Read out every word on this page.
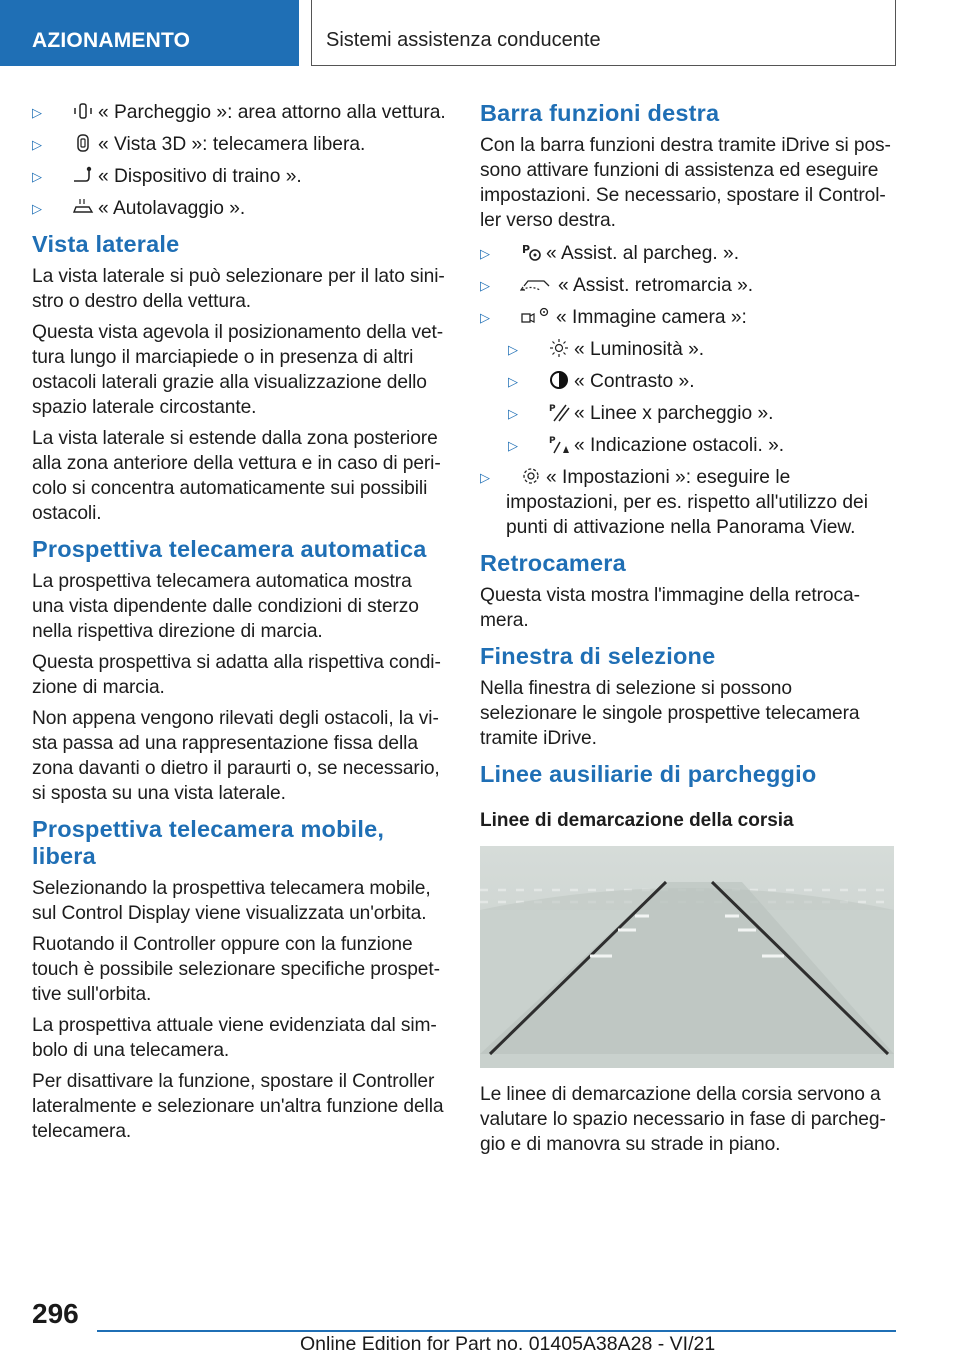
AZIONAMENTO	Sistemi assistenza conducente
▷	« Parcheggio »: area attorno alla vettura.
▷	« Vista 3D »: telecamera libera.
▷	« Dispositivo di traino ».
▷	« Autolavaggio ».
Vista laterale

La vista laterale si può selezionare per il lato sinistro o destro della vettura.

Questa vista agevola il posizionamento della vettura lungo il marciapiede o in presenza di altri ostacoli laterali grazie alla visualizzazione dello spazio laterale circostante.

La vista laterale si estende dalla zona posteriore alla zona anteriore della vettura e in caso di pericolo si concentra automaticamente sui possibili ostacoli.

Prospettiva telecamera automatica

La prospettiva telecamera automatica mostra una vista dipendente dalle condizioni di sterzo nella rispettiva direzione di marcia.

Questa prospettiva si adatta alla rispettiva condizione di marcia.

Non appena vengono rilevati degli ostacoli, la vista passa ad una rappresentazione fissa della zona davanti o dietro il paraurti o, se necessario, si sposta su una vista laterale.

Prospettiva telecamera mobile, libera

Selezionando la prospettiva telecamera mobile, sul Control Display viene visualizzata un'orbita.

Ruotando il Controller oppure con la funzione touch è possibile selezionare specifiche prospettive sull'orbita.

La prospettiva attuale viene evidenziata dal simbolo di una telecamera.

Per disattivare la funzione, spostare il Controller lateralmente e selezionare un'altra funzione della telecamera.

Barra funzioni destra

Con la barra funzioni destra tramite iDrive si possono attivare funzioni di assistenza ed eseguire impostazioni. Se necessario, spostare il Controller verso destra.

▷	P « Assist. al parcheg. ».
▷	« Assist. retromarcia ».
▷	« Immagine camera »:
▷	« Luminosità ».
▷	« Contrasto ».
▷	P « Linee x parcheggio ».
▷	P « Indicazione ostacoli. ».
▷	« Impostazioni »: eseguire le impostazioni, per es. rispetto all'utilizzo dei punti di attivazione nella Panorama View.
Retrocamera

Questa vista mostra l'immagine della retrocamera.

Finestra di selezione

Nella finestra di selezione si possono selezionare le singole prospettive telecamera tramite iDrive.

Linee ausiliarie di parcheggio
Linee di demarcazione della corsia

Le linee di demarcazione della corsia servono a valutare lo spazio necessario in fase di parcheggio e di manovra su strade in piano.

296
Online Edition for Part no. 01405A38A28 - VI/21
